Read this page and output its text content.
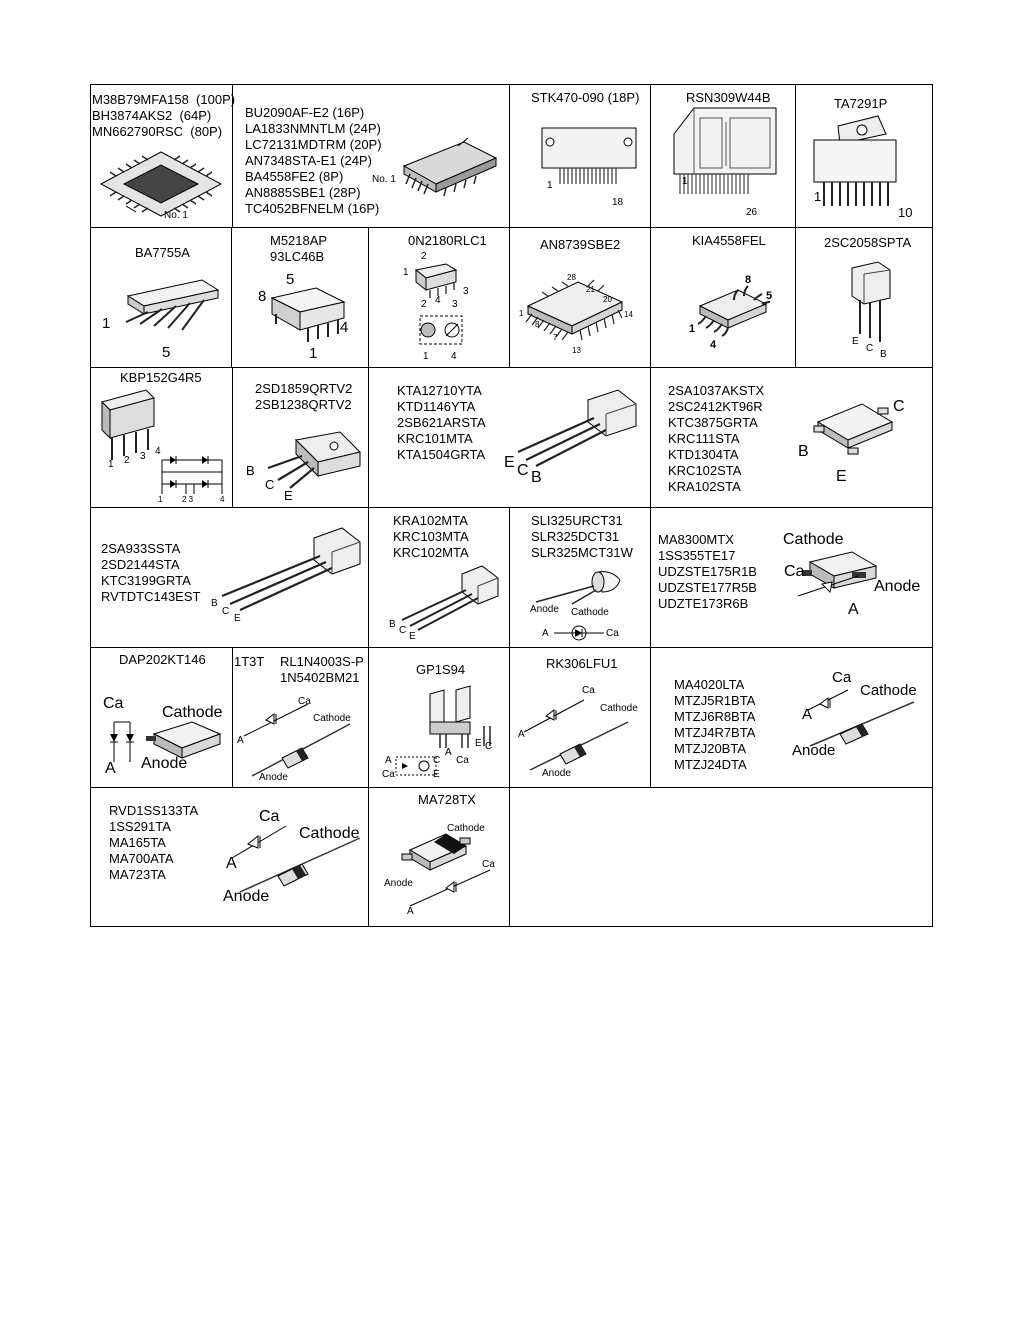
M38B79MFA158  (100P)
BH3874AKS2  (64P)
MN662790RSC  (80P)
No. 1
BU2090AF-E2 (16P)
LA1833NMNTLM (24P)
LC72131MDTRM (20P)
AN7348STA-E1 (24P)
BA4558FE2 (8P)
AN8885SBE1 (28P)
TC4052BFNELM (16P)
No. 1
STK470-090 (18P)
1
18
RSN309W44B
1
26
TA7291P
1
10
BA7755A
1
5
M5218AP
93LC46B
5
8
4
1
0N2180RLC1
2
1
3
2 4 3
1 4
AN8739SBE2
28
21
20
14
1
8
7
13
KIA4558FEL
8
5
1
4
2SC2058SPTA
E
C
B
KBP152G4R5
1 2 3 4
1 2 3	4
2SD1859QRTV2
2SB1238QRTV2
B
C
E
KTA12710YTA
KTD1146YTA
2SB621ARSTA
KRC101MTA
KTA1504GRTA E C B
2SA1037AKSTX
2SC2412KT96R
KTC3875GRTA
KRC111STA
KTD1304TA
KRC102STA
KRA102STA
C
B
E
2SA933SSTA
2SD2144STA
KTC3199GRTA
RVTDTC143EST B
C
E
KRA102MTA
KRC103MTA
KRC102MTA
B
C
E
SLI325URCT31
SLR325DCT31
SLR325MCT31W
Anode Cathode
A	Ca
MA8300MTX
1SS355TE17
UDZSTE175R1B
UDZSTE177R5B
UDZTE173R6B
Cathode
Ca
Anode
A
DAP202KT146
Ca
Cathode
A Anode
1T3T RL1N4003S-P
1N5402BM21
Ca
Cathode
A
Anode
GP1S94
A
Ca
C
E
A
Ca
E C
RK306LFU1
Ca
Cathode
A
Anode
MA4020LTA
MTZJ5R1BTA
MTZJ6R8BTA
MTZJ4R7BTA
MTZJ20BTA
MTZJ24DTA
Ca
Cathode
A
Anode
RVD1SS133TA
1SS291TA
MA165TA
MA700ATA
MA723TA
Ca
Cathode
A
Anode
MA728TX
Cathode
Ca
Anode
A
